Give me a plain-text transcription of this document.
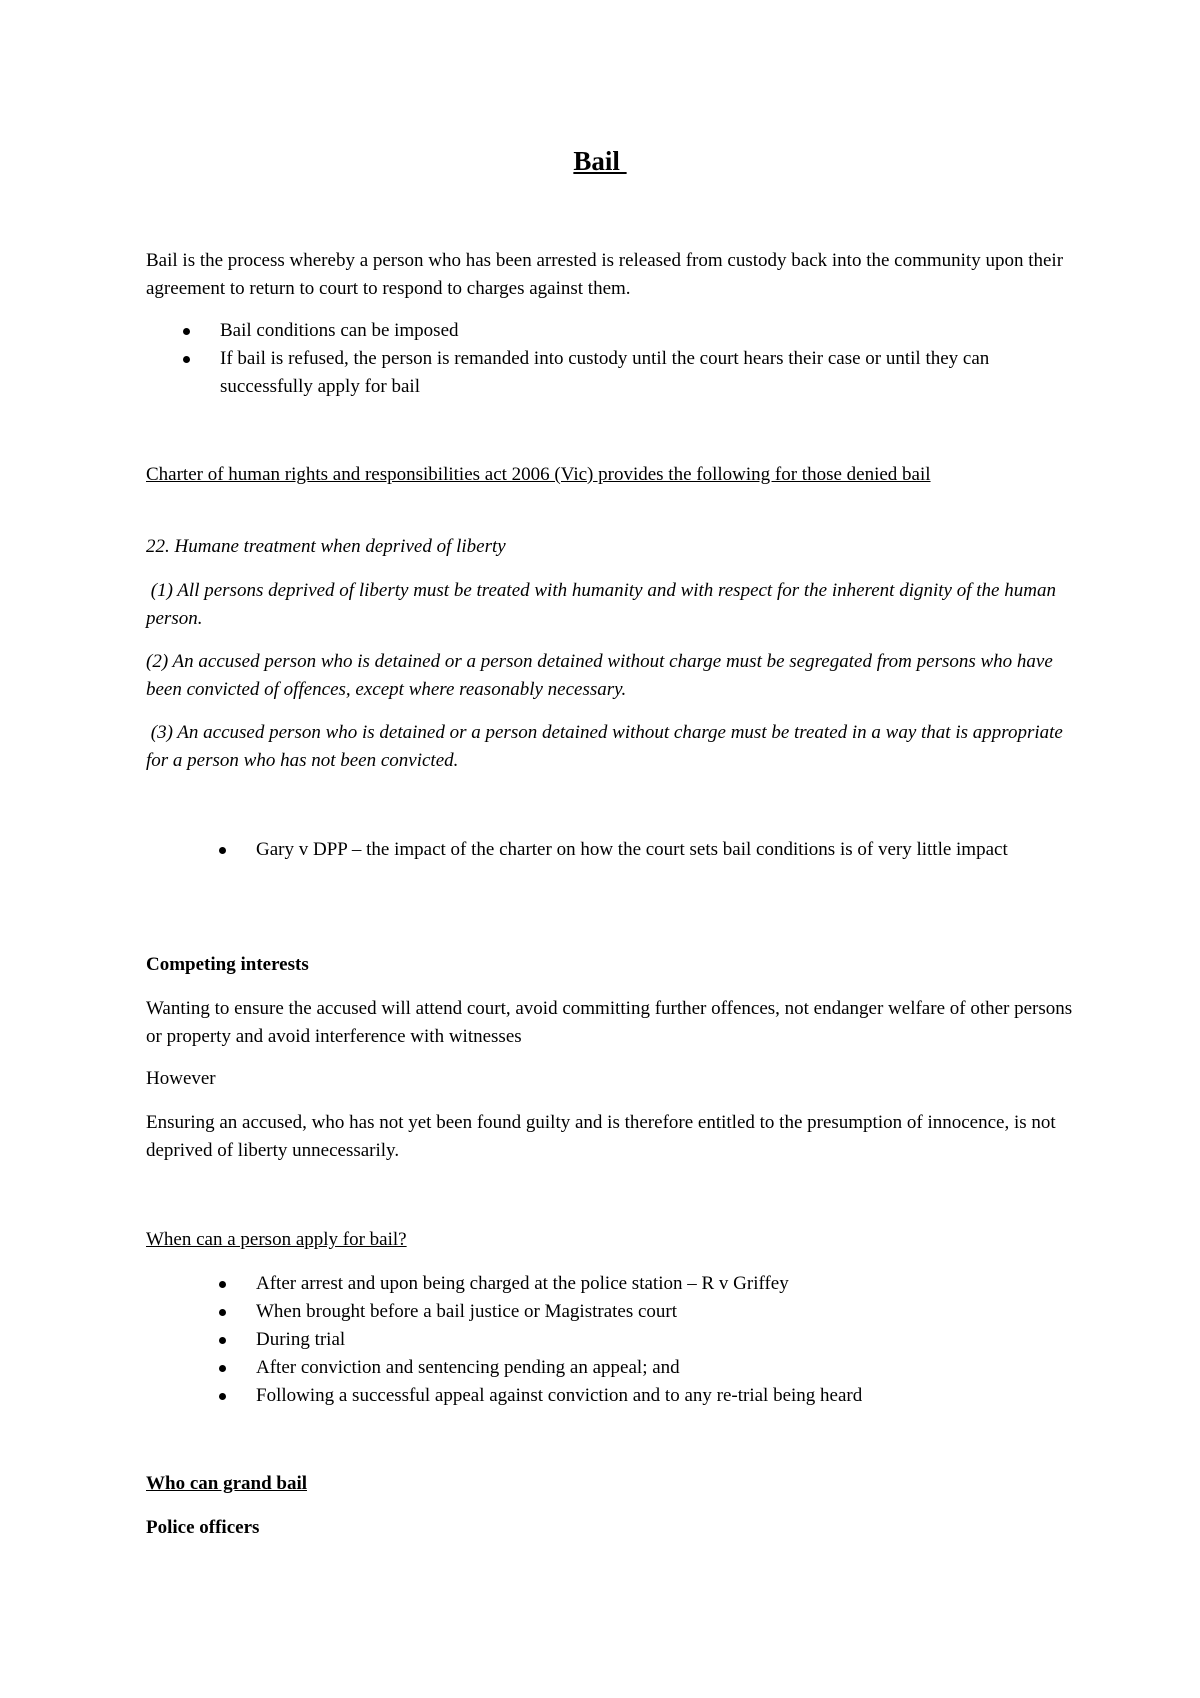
Bail

Bail is the process whereby a person who has been arrested is released from custody back into the community upon their agreement to return to court to respond to charges against them.

Bail conditions can be imposed
If bail is refused, the person is remanded into custody until the court hears their case or until they can successfully apply for bail

Charter of human rights and responsibilities act 2006 (Vic) provides the following for those denied bail

22. Humane treatment when deprived of liberty

(1) All persons deprived of liberty must be treated with humanity and with respect for the inherent dignity of the human person.

(2) An accused person who is detained or a person detained without charge must be segregated from persons who have been convicted of offences, except where reasonably necessary.

(3) An accused person who is detained or a person detained without charge must be treated in a way that is appropriate for a person who has not been convicted.

Gary v DPP – the impact of the charter on how the court sets bail conditions is of very little impact

Competing interests

Wanting to ensure the accused will attend court, avoid committing further offences, not endanger welfare of other persons or property and avoid interference with witnesses

However

Ensuring an accused, who has not yet been found guilty and is therefore entitled to the presumption of innocence, is not deprived of liberty unnecessarily.

When can a person apply for bail?

After arrest and upon being charged at the police station – R v Griffey
When brought before a bail justice or Magistrates court
During trial
After conviction and sentencing pending an appeal; and
Following a successful appeal against conviction and to any re-trial being heard

Who can grand bail

Police officers
